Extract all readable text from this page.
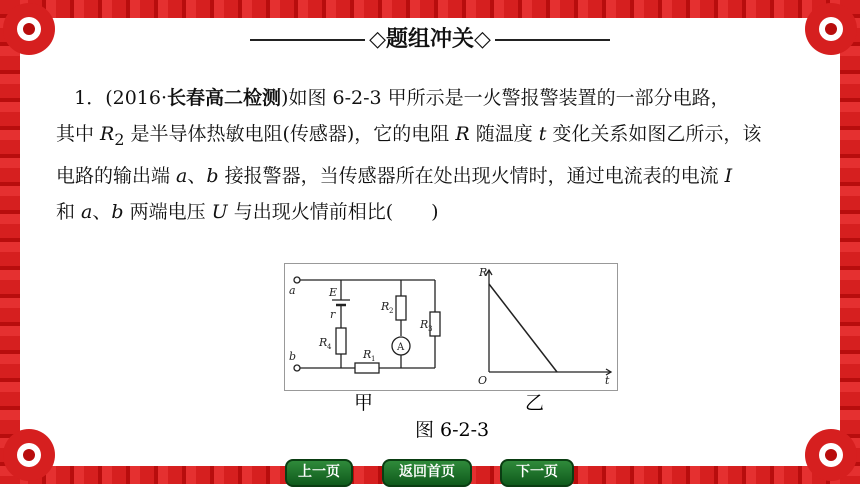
◇题组冲关◇

1．(2016·长春高二检测)如图 6-2-3 甲所示是一火警报警装置的一部分电路，

其中 $R_2$ 是半导体热敏电阻(传感器)，它的电阻 R 随温度 t 变化关系如图乙所示，该

电路的输出端 a、b 接报警器，当传感器所在处出现火情时，通过电流表的电流 I

和 a、b 两端电压 U 与出现火情前相比(　　)

a
b
E
r
R 4
R 1
R 2
R 3
A
R
O	t
甲	乙
图 6-2-3
上一页	返回首页	下一页
